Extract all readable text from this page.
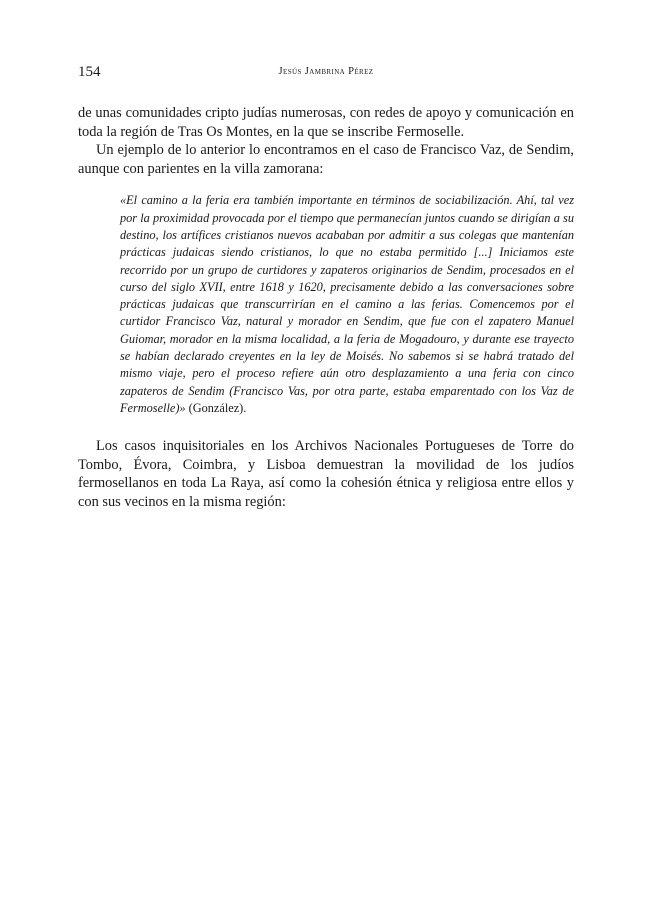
154	Jesús Jambrina Pérez

de unas comunidades cripto judías numerosas, con redes de apoyo y comunicación en toda la región de Tras Os Montes, en la que se inscribe Fermoselle.

Un ejemplo de lo anterior lo encontramos en el caso de Francisco Vaz, de Sendim, aunque con parientes en la villa zamorana:

«El camino a la feria era también importante en términos de sociabilización. Ahí, tal vez por la proximidad provocada por el tiempo que permanecían juntos cuando se dirigían a su destino, los artífices cristianos nuevos acababan por admitir a sus colegas que mantenían prácticas judaicas siendo cristianos, lo que no estaba permitido [...] Iniciamos este recorrido por un grupo de curtidores y zapateros originarios de Sendim, procesados en el curso del siglo XVII, entre 1618 y 1620, precisamente debido a las conversaciones sobre prácticas judaicas que transcurrirían en el camino a las ferias. Comencemos por el curtidor Francisco Vaz, natural y morador en Sendim, que fue con el zapatero Manuel Guiomar, morador en la misma localidad, a la feria de Mogadouro, y durante ese trayecto se habían declarado creyentes en la ley de Moisés. No sabemos si se habrá tratado del mismo viaje, pero el proceso refiere aún otro desplazamiento a una feria con cinco zapateros de Sendim (Francisco Vas, por otra parte, estaba emparentado con los Vaz de Fermoselle)» (González).

Los casos inquisitoriales en los Archivos Nacionales Portugueses de Torre do Tombo, Évora, Coimbra, y Lisboa demuestran la movilidad de los judíos fermosellanos en toda La Raya, así como la cohesión étnica y religiosa entre ellos y con sus vecinos en la misma región:
